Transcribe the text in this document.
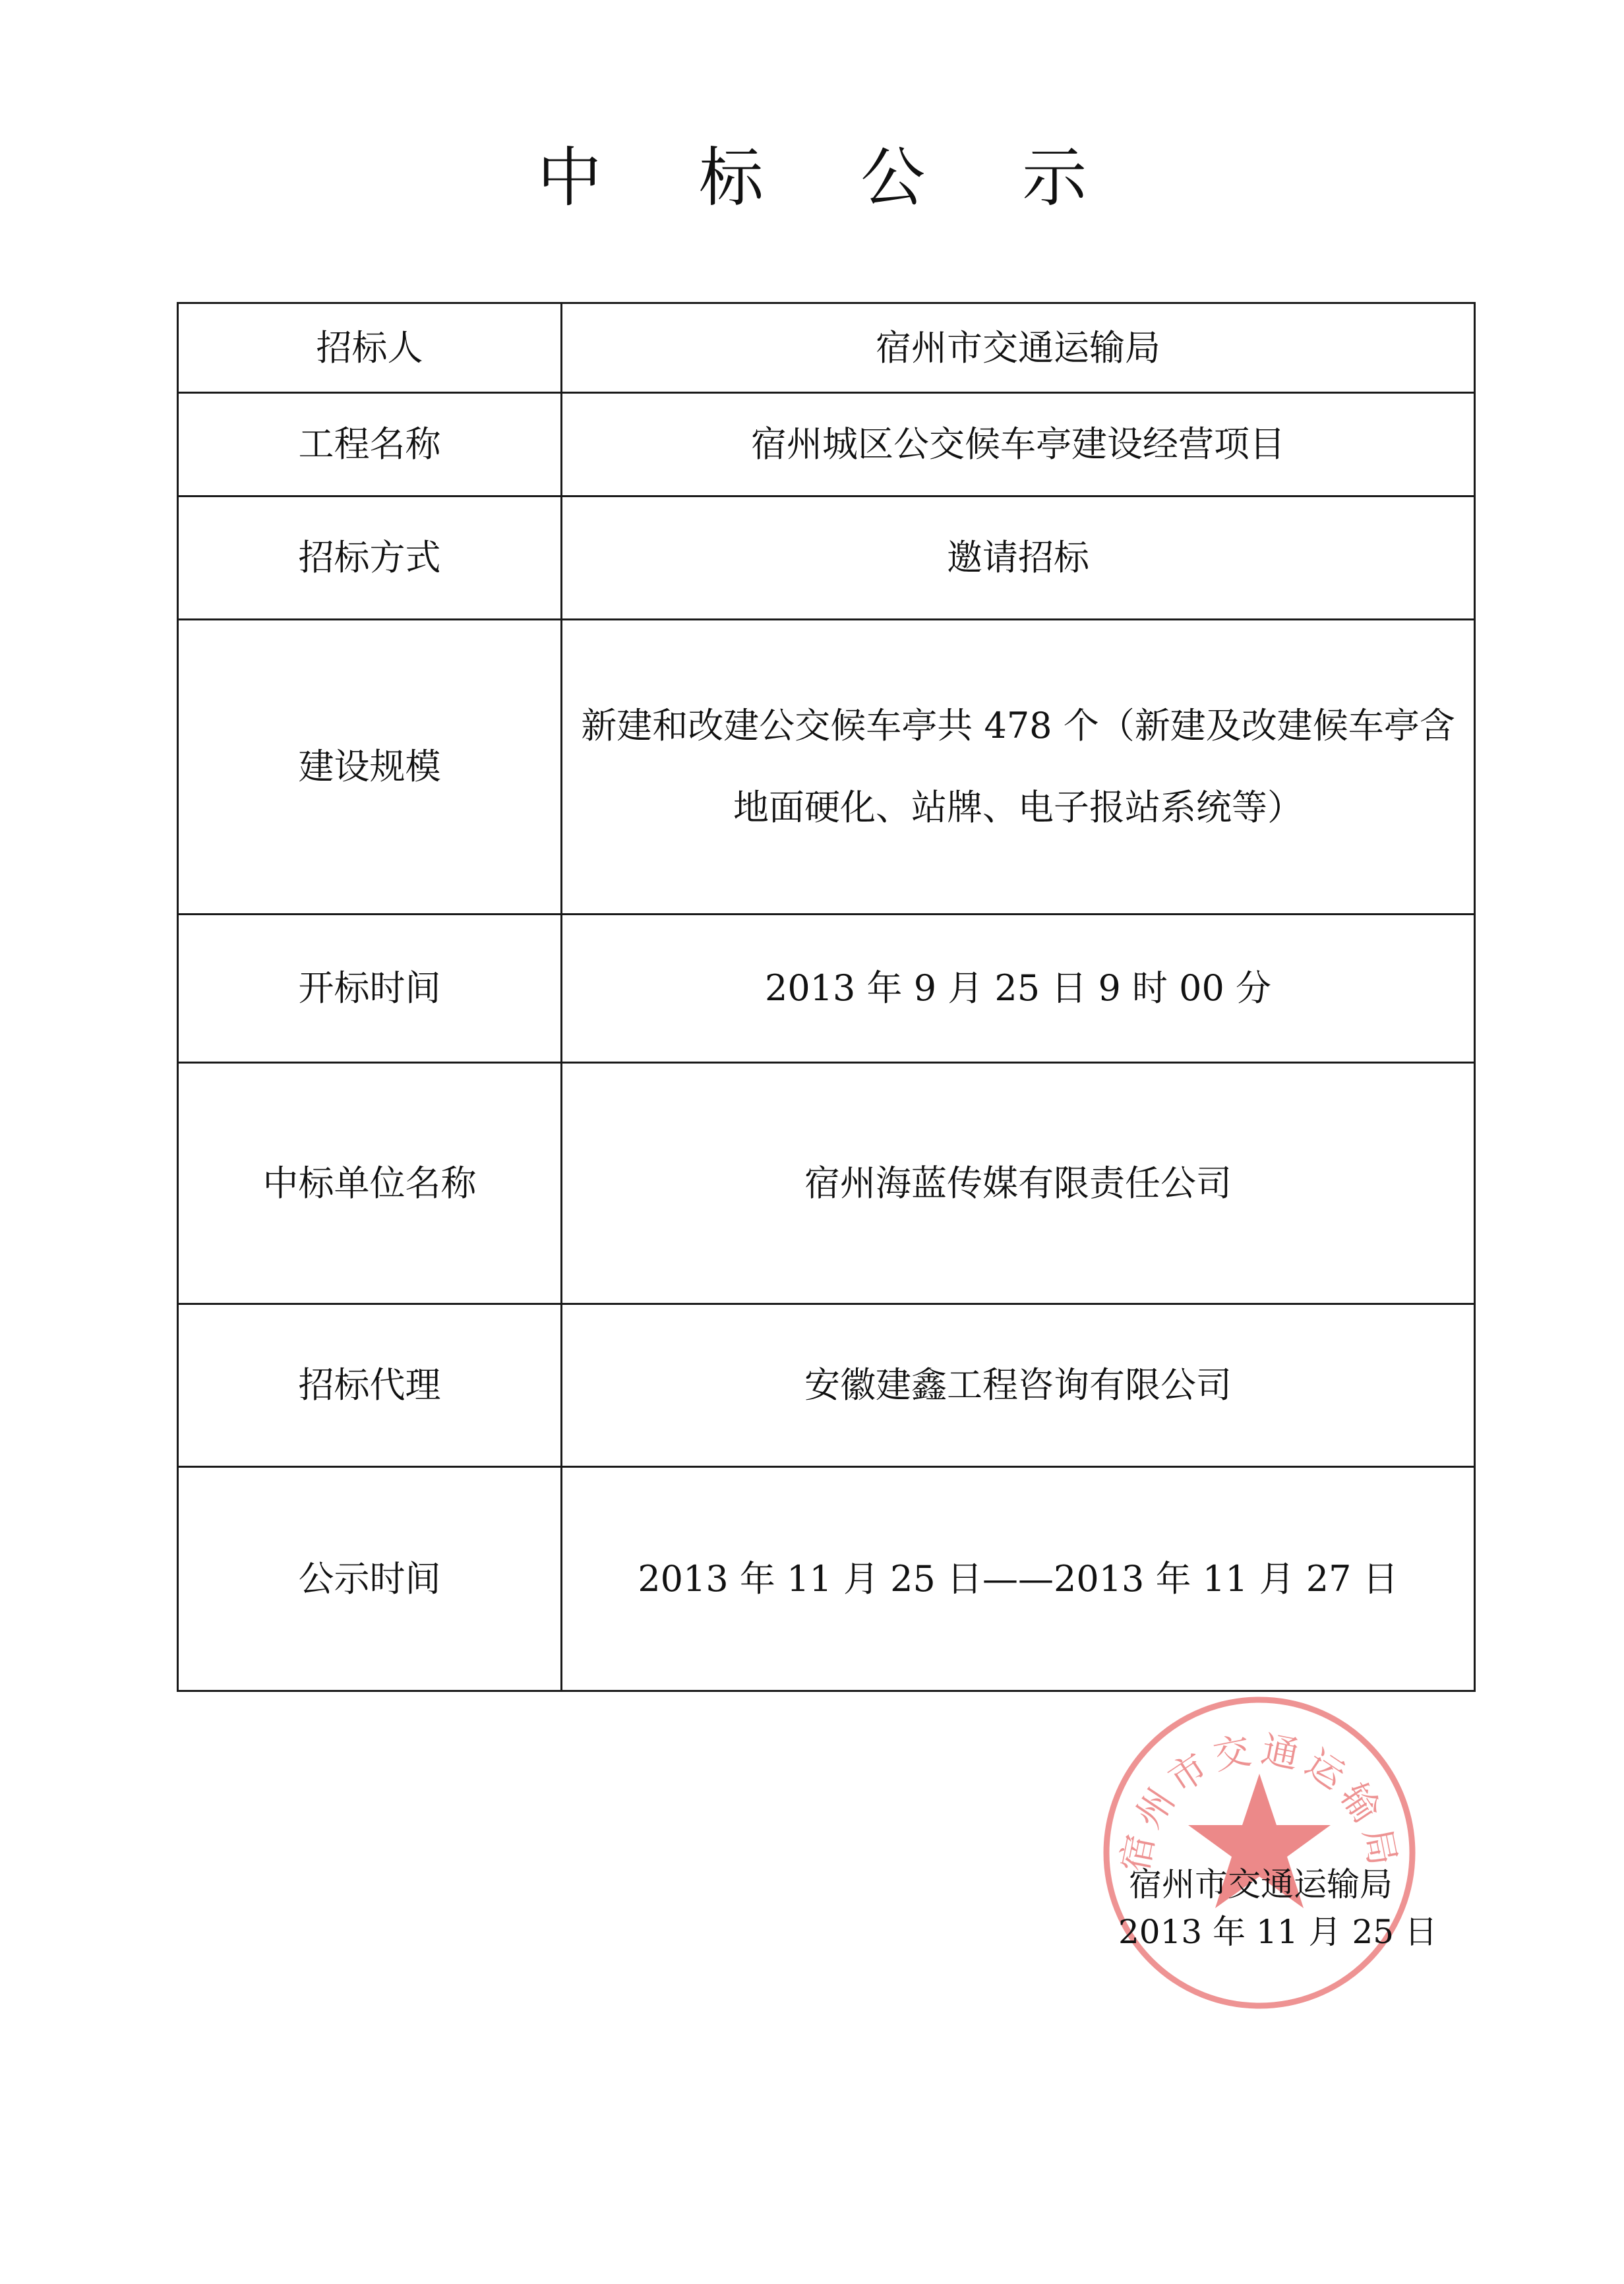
中 标 公 示
招标人	宿州市交通运输局
工程名称	宿州城区公交候车亭建设经营项目
招标方式	邀请招标
建设规模	新建和改建公交候车亭共 478 个（新建及改建候车亭含地面硬化、站牌、电子报站系统等）
开标时间	2013 年 9 月 25 日 9 时 00 分
中标单位名称	宿州海蓝传媒有限责任公司
招标代理	安徽建鑫工程咨询有限公司
公示时间	2013 年 11 月 25 日——2013 年 11 月 27 日
宿州市交通运输局
宿州市交通运输局
2013 年 11 月 25 日
